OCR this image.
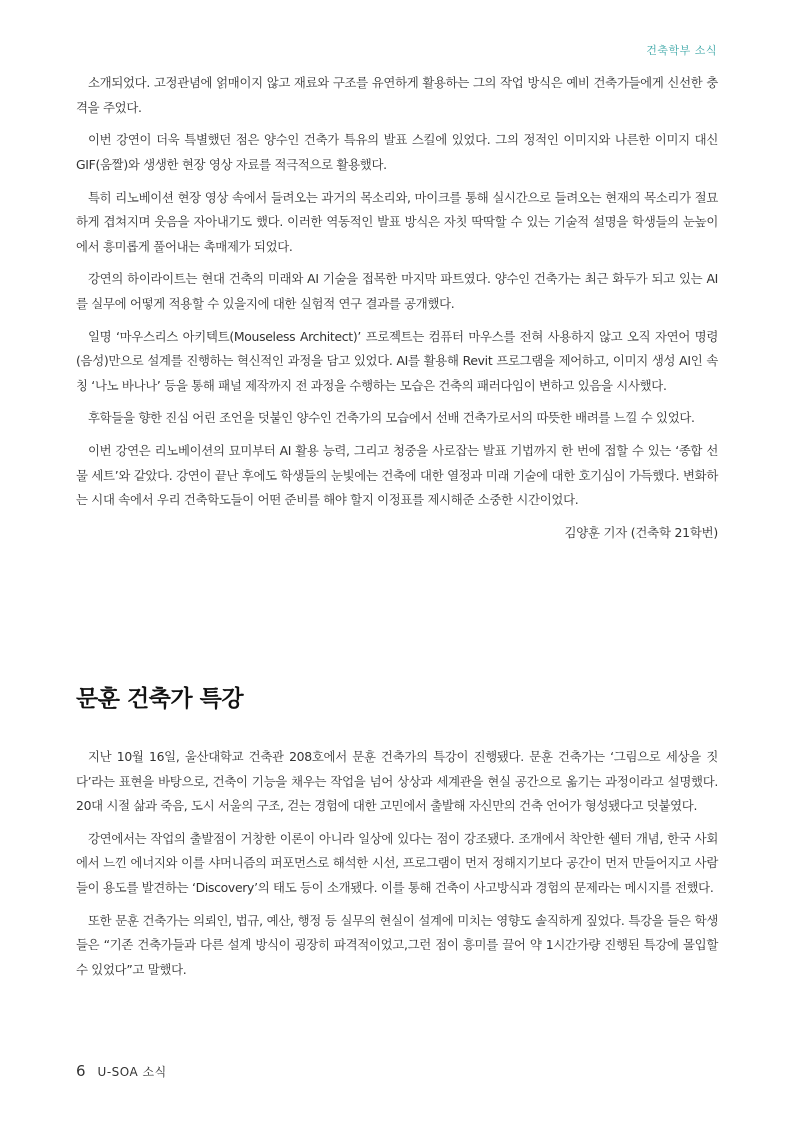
건축학부 소식

소개되었다. 고정관념에 얽매이지 않고 재료와 구조를 유연하게 활용하는 그의 작업 방식은 예비 건축가들에게 신선한 충격을 주었다.

이번 강연이 더욱 특별했던 점은 양수인 건축가 특유의 발표 스킬에 있었다. 그의 정적인 이미지와 나른한 이미지 대신 GIF(움짤)와 생생한 현장 영상 자료를 적극적으로 활용했다.

특히 리노베이션 현장 영상 속에서 들려오는 과거의 목소리와, 마이크를 통해 실시간으로 들려오는 현재의 목소리가 절묘하게 겹쳐지며 웃음을 자아내기도 했다. 이러한 역동적인 발표 방식은 자칫 딱딱할 수 있는 기술적 설명을 학생들의 눈높이에서 흥미롭게 풀어내는 촉매제가 되었다.

강연의 하이라이트는 현대 건축의 미래와 AI 기술을 접목한 마지막 파트였다. 양수인 건축가는 최근 화두가 되고 있는 AI를 실무에 어떻게 적용할 수 있을지에 대한 실험적 연구 결과를 공개했다.

일명 ‘마우스리스 아키텍트(Mouseless Architect)’ 프로젝트는 컴퓨터 마우스를 전혀 사용하지 않고 오직 자연어 명령(음성)만으로 설계를 진행하는 혁신적인 과정을 담고 있었다. AI를 활용해 Revit 프로그램을 제어하고, 이미지 생성 AI인 속칭 ‘나노 바나나’ 등을 통해 패널 제작까지 전 과정을 수행하는 모습은 건축의 패러다임이 변하고 있음을 시사했다.

후학들을 향한 진심 어린 조언을 덧붙인 양수인 건축가의 모습에서 선배 건축가로서의 따뜻한 배려를 느낄 수 있었다.

이번 강연은 리노베이션의 묘미부터 AI 활용 능력, 그리고 청중을 사로잡는 발표 기법까지 한 번에 접할 수 있는 ‘종합 선물 세트’와 같았다. 강연이 끝난 후에도 학생들의 눈빛에는 건축에 대한 열정과 미래 기술에 대한 호기심이 가득했다. 변화하는 시대 속에서 우리 건축학도들이 어떤 준비를 해야 할지 이정표를 제시해준 소중한 시간이었다.

김양훈 기자 (건축학 21학번)

문훈 건축가 특강

지난 10월 16일, 울산대학교 건축관 208호에서 문훈 건축가의 특강이 진행됐다. 문훈 건축가는 ‘그림으로 세상을 짓다’라는 표현을 바탕으로, 건축이 기능을 채우는 작업을 넘어 상상과 세계관을 현실 공간으로 옮기는 과정이라고 설명했다. 20대 시절 삶과 죽음, 도시 서울의 구조, 걷는 경험에 대한 고민에서 출발해 자신만의 건축 언어가 형성됐다고 덧붙였다.

강연에서는 작업의 출발점이 거창한 이론이 아니라 일상에 있다는 점이 강조됐다. 조개에서 착안한 쉘터 개념, 한국 사회에서 느낀 에너지와 이를 샤머니즘의 퍼포먼스로 해석한 시선, 프로그램이 먼저 정해지기보다 공간이 먼저 만들어지고 사람들이 용도를 발견하는 ‘Discovery’의 태도 등이 소개됐다. 이를 통해 건축이 사고방식과 경험의 문제라는 메시지를 전했다.

또한 문훈 건축가는 의뢰인, 법규, 예산, 행정 등 실무의 현실이 설계에 미치는 영향도 솔직하게 짚었다. 특강을 들은 학생들은 “기존 건축가들과 다른 설계 방식이 굉장히 파격적이었고,그런 점이 흥미를 끌어 약 1시간가량 진행된 특강에 몰입할 수 있었다”고 말했다.

6 U-SOA 소식
